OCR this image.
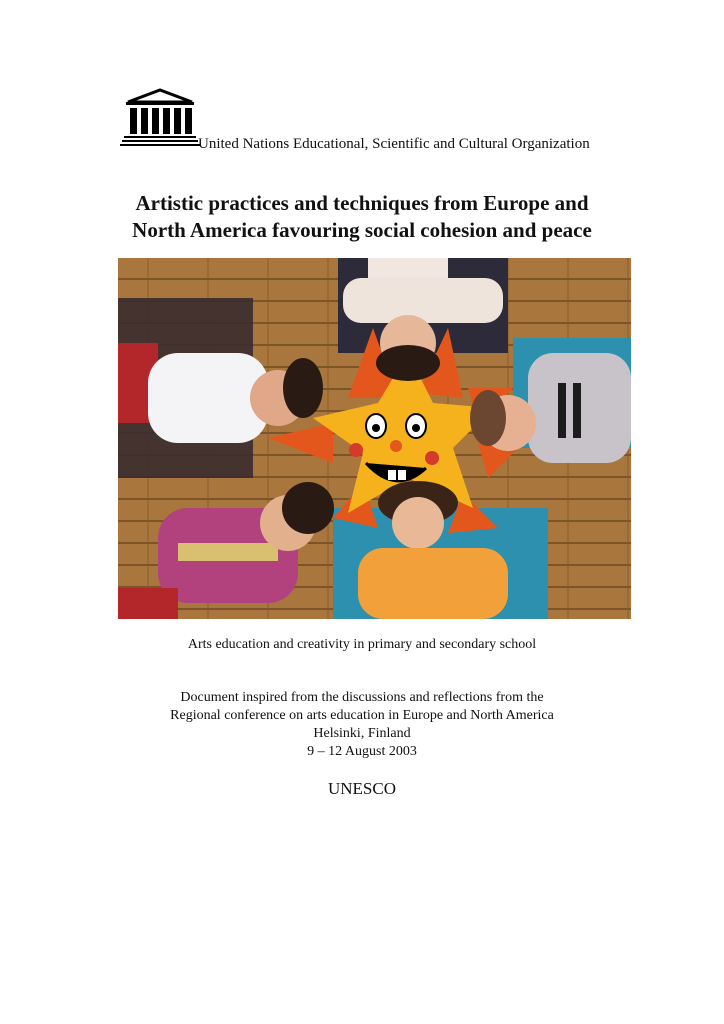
United Nations Educational, Scientific and Cultural Organization
Artistic practices and techniques from Europe and
North America favouring social cohesion and peace
Arts education and creativity in primary and secondary school
Document inspired from the discussions and reflections from the
Regional conference on arts education in Europe and North America
Helsinki, Finland
9 – 12 August 2003
UNESCO
